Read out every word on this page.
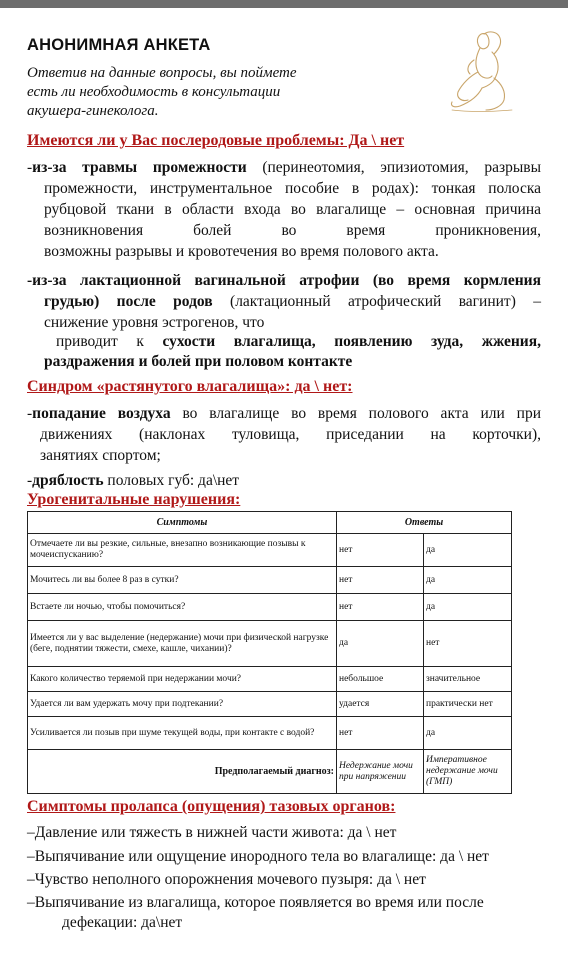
АНОНИМНАЯ АНКЕТА
Ответив на данные вопросы, вы поймете
есть ли необходимость в консультации
акушера-гинеколога.
Имеются ли у Вас послеродовые проблемы: Да \ нет
-из-за травмы промежности (перинеотомия, эпизиотомия, разрывы
промежности, инструментальное пособие в родах): тонкая полоска
рубцовой ткани в области входа во влагалище – основная причина
возникновения болей во время проникновения,
возможны разрывы и кровотечения во время полового акта.
-из-за лактационной вагинальной атрофии (во время кормления
грудью) после родов (лактационный атрофический вагинит) –
снижение уровня эстрогенов, что
приводит к сухости влагалища, появлению зуда, жжения,
раздражения и болей при половом контакте
Синдром «растянутого влагалища»: да \ нет:
-попадание воздуха во влагалище во время полового акта или при
движениях (наклонах туловища, приседании на корточки),
занятиях спортом;
-дряблость половых губ: да\нет
Урогенитальные нарушения:
Симптомы	Ответы	
Отмечаете ли вы резкие, сильные, внезапно возникающие позывы к мочеиспусканию?	нет	да
Мочитесь ли вы более 8 раз в сутки?	нет	да
Встаете ли ночью, чтобы помочиться?	нет	да
Имеется ли у вас выделение (недержание) мочи при физической нагрузке (беге, поднятии тяжести, смехе, кашле, чихании)?	да	нет
Какого количество теряемой при недержании мочи?	небольшое	значительное
Удается ли вам удержать мочу при подтекании?	удается	практически нет
Усиливается ли позыв при шуме текущей воды, при контакте с водой?	нет	да
Предполагаемый диагноз:	Недержание мочи при напряжении	Императивное недержание мочи (ГМП)
Симптомы пролапса (опущения) тазовых органов:
–Давление или тяжесть в нижней части живота: да \ нет
–Выпячивание или ощущение инородного тела во влагалище: да \ нет
–Чувство неполного опорожнения мочевого пузыря: да \ нет
–Выпячивание из влагалища, которое появляется во время или после
дефекации: да\нет
